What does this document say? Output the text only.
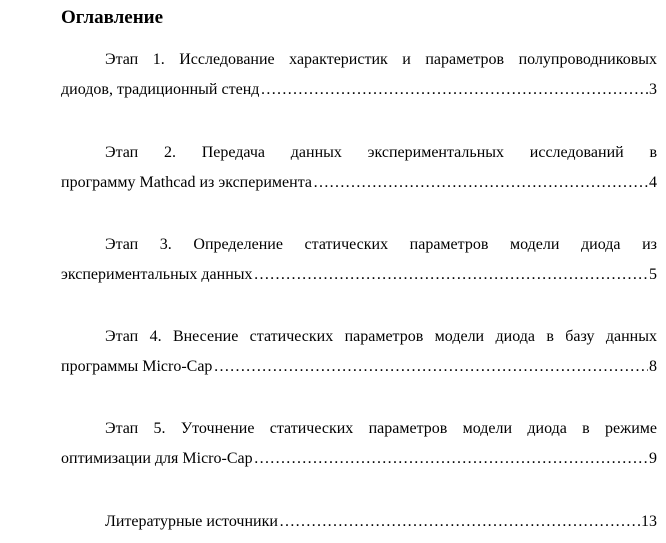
Оглавление
Этап 1. Исследование характеристик и параметров полупроводниковых
диодов, традиционный стенд ……………………………………………………………………………………………………………………………………	3
Этап 2. Передача данных экспериментальных исследований в
программу Mathcad из эксперимента ……………………………………………………………………………………………………………………………………	4
Этап 3. Определение статических параметров модели диода из
экспериментальных данных ……………………………………………………………………………………………………………………………………	5
Этап 4. Внесение статических параметров модели диода в базу данных
программы Micro-Cap ……………………………………………………………………………………………………………………………………	8
Этап 5. Уточнение статических параметров модели диода в режиме
оптимизации для Micro-Cap ……………………………………………………………………………………………………………………………………	9
Литературные источники ……………………………………………………………………………………………………………………………………	13
